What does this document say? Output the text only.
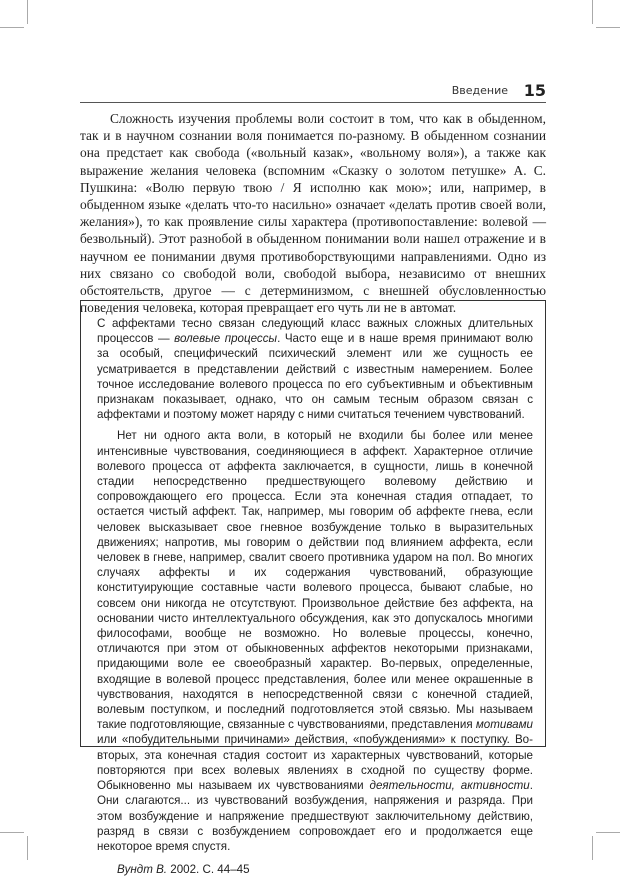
Введение 15

Сложность изучения проблемы воли состоит в том, что как в обыденном, так и в научном сознании воля понимается по-разному. В обыденном сознании она предстает как свобода («вольный казак», «вольному воля»), а также как выражение желания человека (вспомним «Сказку о золотом петушке» А. С. Пушкина: «Волю первую твою / Я исполню как мою»; или, например, в обыденном языке «делать что-то насильно» означает «делать против своей воли, желания»), то как проявление силы характера (противопоставление: волевой — безвольный). Этот разнобой в обыденном понимании воли нашел отражение и в научном ее понимании двумя противоборствующими направлениями. Одно из них связано со свободой воли, свободой выбора, независимо от внешних обстоятельств, другое — с детерминизмом, с внешней обусловленностью поведения человека, которая превращает его чуть ли не в автомат.

С аффектами тесно связан следующий класс важных сложных длительных процессов — волевые процессы. Часто еще и в наше время принимают волю за особый, специфический психический элемент или же сущность ее усматривается в представлении действий с известным намерением. Более точное исследование волевого процесса по его субъективным и объективным признакам показывает, однако, что он самым тесным образом связан с аффектами и поэтому может наряду с ними считаться течением чувствований.

Нет ни одного акта воли, в который не входили бы более или менее интенсивные чувствования, соединяющиеся в аффект. Характерное отличие волевого процесса от аффекта заключается, в сущности, лишь в конечной стадии непосредственно предшествующего волевому действию и сопровождающего его процесса. Если эта конечная стадия отпадает, то остается чистый аффект. Так, например, мы говорим об аффекте гнева, если человек высказывает свое гневное возбуждение только в выразительных движениях; напротив, мы говорим о действии под влиянием аффекта, если человек в гневе, например, свалит своего противника ударом на пол. Во многих случаях аффекты и их содержания чувствований, образующие конституирующие составные части волевого процесса, бывают слабые, но совсем они никогда не отсутствуют. Произвольное действие без аффекта, на основании чисто интеллектуального обсуждения, как это допускалось многими философами, вообще не возможно. Но волевые процессы, конечно, отличаются при этом от обыкновенных аффектов некоторыми признаками, придающими воле ее своеобразный характер. Во-первых, определенные, входящие в волевой процесс представления, более или менее окрашенные в чувствования, находятся в непосредственной связи с конечной стадией, волевым поступком, и последний подготовляется этой связью. Мы называем такие подготовляющие, связанные с чувствованиями, представления мотивами или «побудительными причинами» действия, «побуждениями» к поступку. Во-вторых, эта конечная стадия состоит из характерных чувствований, которые повторяются при всех волевых явлениях в сходной по существу форме. Обыкновенно мы называем их чувствованиями деятельности, активности. Они слагаются... из чувствований возбуждения, напряжения и разряда. При этом возбуждение и напряжение предшествуют заключительному действию, разряд в связи с возбуждением сопровождает его и продолжается еще некоторое время спустя.

Вундт В. 2002. С. 44–45
